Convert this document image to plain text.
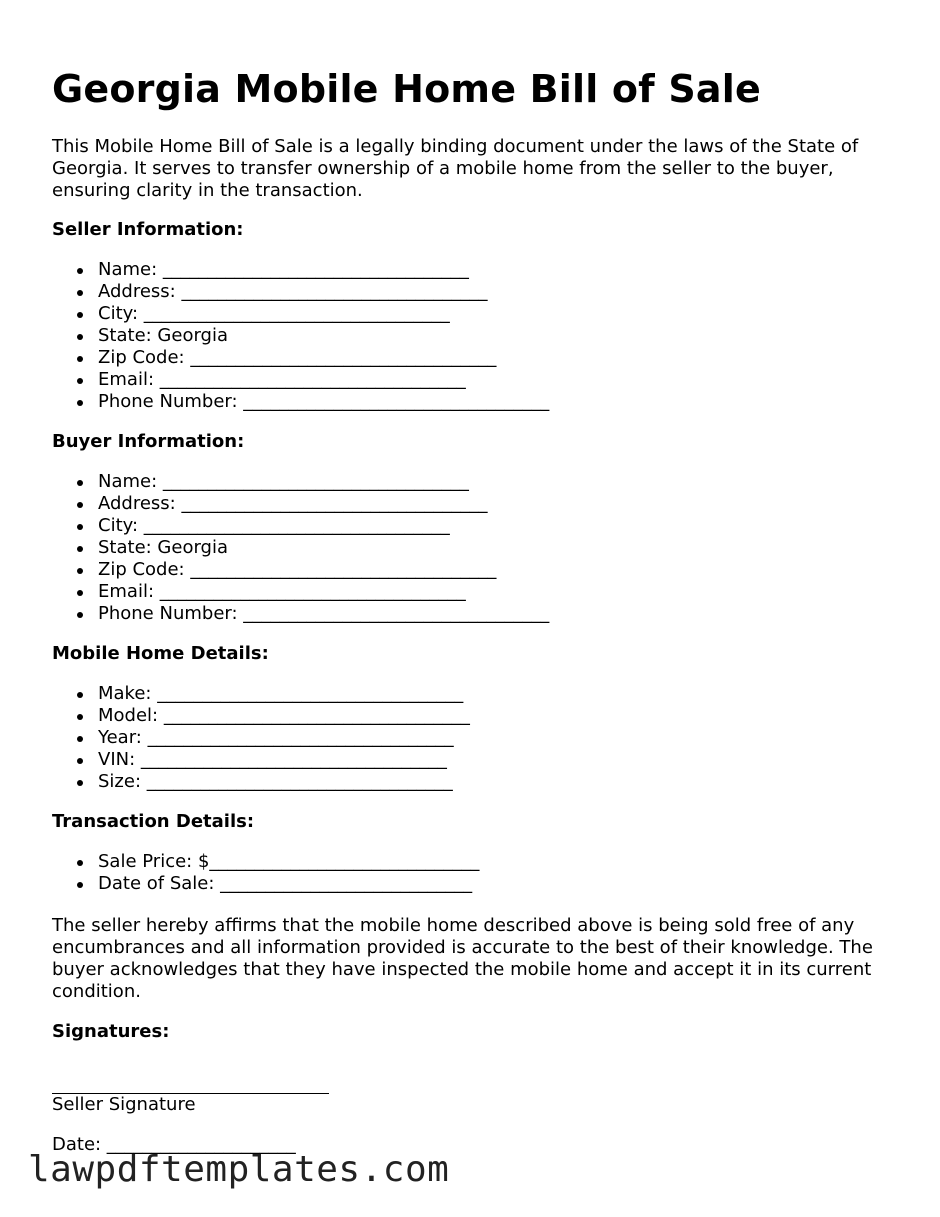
Georgia Mobile Home Bill of Sale

This Mobile Home Bill of Sale is a legally binding document under the laws of the State of Georgia. It serves to transfer ownership of a mobile home from the seller to the buyer, ensuring clarity in the transaction.

Seller Information:
Name: __________________________________
Address: __________________________________
City: __________________________________
State: Georgia
Zip Code: __________________________________
Email: __________________________________
Phone Number: __________________________________
Buyer Information:
Name: __________________________________
Address: __________________________________
City: __________________________________
State: Georgia
Zip Code: __________________________________
Email: __________________________________
Phone Number: __________________________________
Mobile Home Details:
Make: __________________________________
Model: __________________________________
Year: __________________________________
VIN: __________________________________
Size: __________________________________
Transaction Details:
Sale Price: $______________________________
Date of Sale: ____________________________

The seller hereby affirms that the mobile home described above is being sold free of any encumbrances and all information provided is accurate to the best of their knowledge. The buyer acknowledges that they have inspected the mobile home and accept it in its current condition.

Signatures:

Seller Signature

Date: _____________________
lawpdftemplates.com
